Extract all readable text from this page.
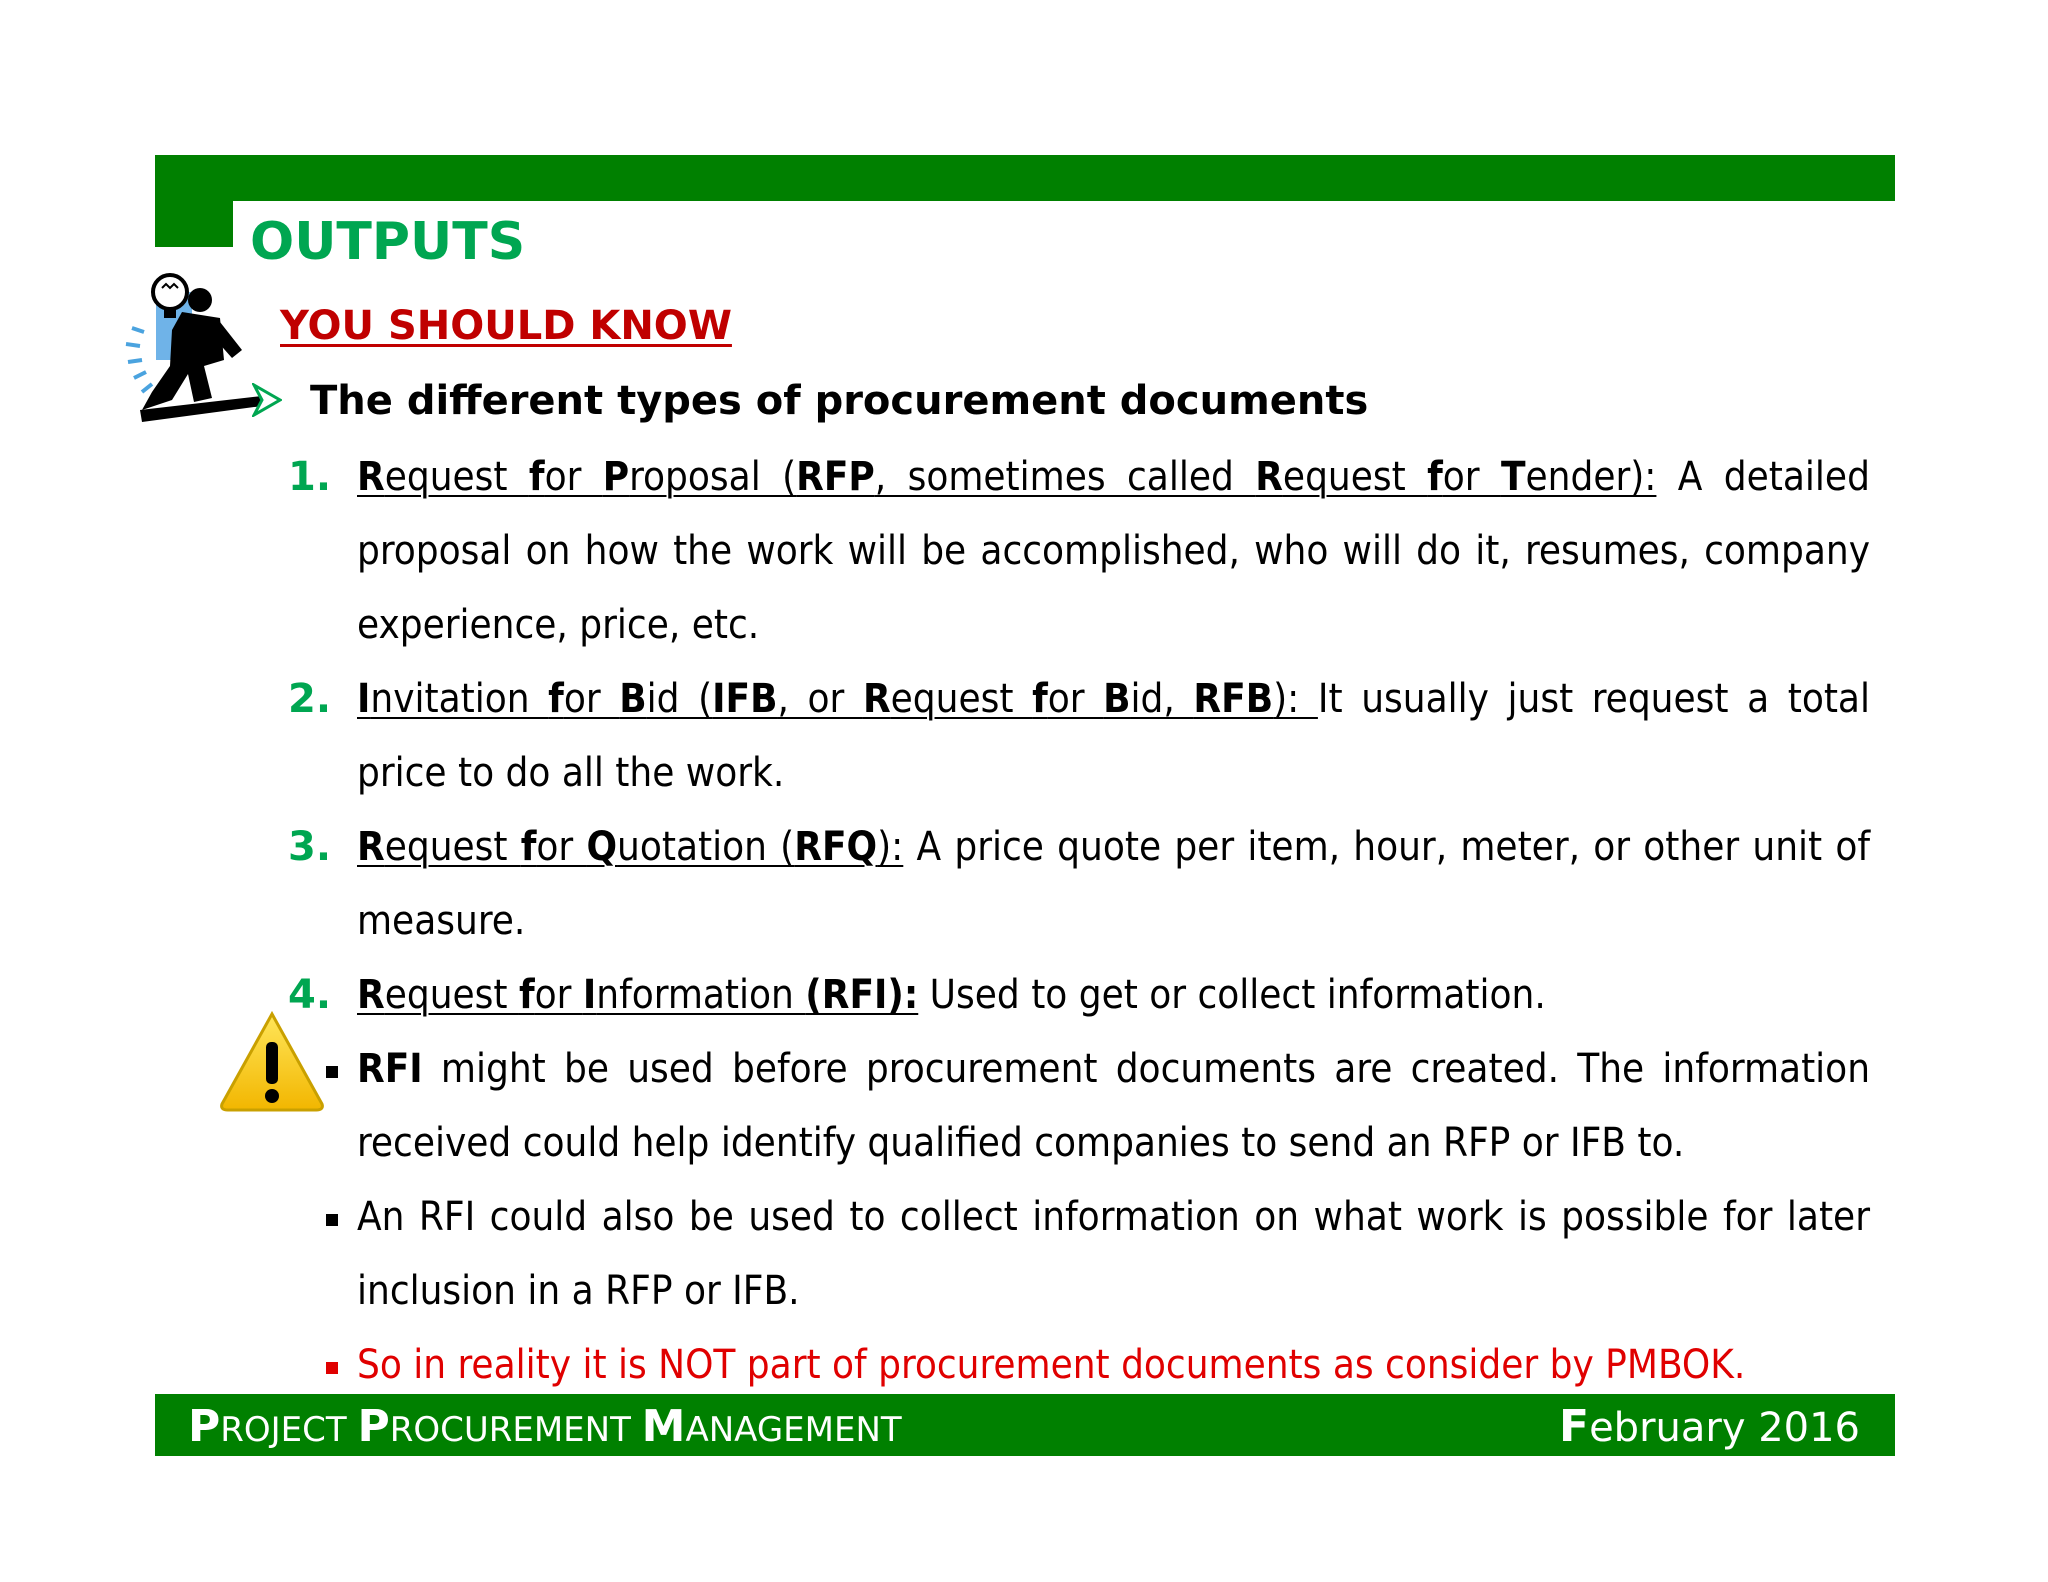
OUTPUTS
YOU SHOULD KNOW
The different types of procurement documents
1. Request for Proposal (RFP, sometimes called Request for Tender): A detailed
proposal on how the work will be accomplished, who will do it, resumes, company
experience, price, etc.
2. Invitation for Bid (IFB, or Request for Bid, RFB): It usually just request a total
price to do all the work.
3. Request for Quotation (RFQ): A price quote per item, hour, meter, or other unit of
measure.
4. Request for Information (RFI): Used to get or collect information.
RFI might be used before procurement documents are created. The information
received could help identify qualified companies to send an RFP or IFB to.
An RFI could also be used to collect information on what work is possible for later
inclusion in a RFP or IFB.
So in reality it is NOT part of procurement documents as consider by PMBOK.
PROJECT PROCUREMENT MANAGEMENT	February 2016
